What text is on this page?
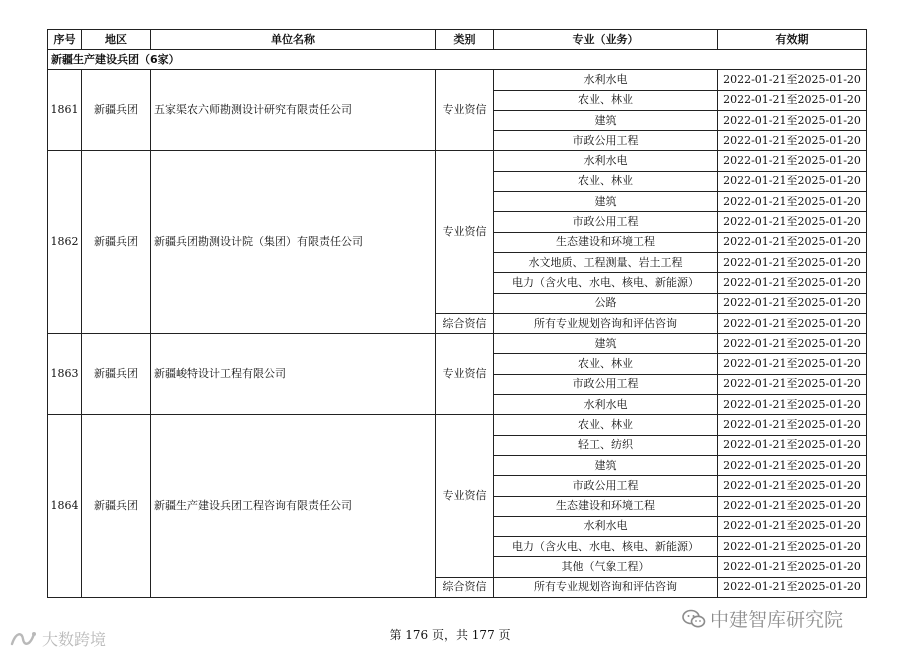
序号	地区	单位名称	类别	专业（业务）	有效期
新疆生产建设兵团（6家）					
1861	新疆兵团	五家渠农六师勘测设计研究有限责任公司	专业资信	水利水电	2022-01-21至2025-01-20
				农业、林业	2022-01-21至2025-01-20
				建筑	2022-01-21至2025-01-20
				市政公用工程	2022-01-21至2025-01-20
1862	新疆兵团	新疆兵团勘测设计院（集团）有限责任公司	专业资信	水利水电	2022-01-21至2025-01-20
				农业、林业	2022-01-21至2025-01-20
				建筑	2022-01-21至2025-01-20
				市政公用工程	2022-01-21至2025-01-20
				生态建设和环境工程	2022-01-21至2025-01-20
				水文地质、工程测量、岩土工程	2022-01-21至2025-01-20
				电力（含火电、水电、核电、新能源）	2022-01-21至2025-01-20
				公路	2022-01-21至2025-01-20
			综合资信	所有专业规划咨询和评估咨询	2022-01-21至2025-01-20
1863	新疆兵团	新疆峻特设计工程有限公司	专业资信	建筑	2022-01-21至2025-01-20
				农业、林业	2022-01-21至2025-01-20
				市政公用工程	2022-01-21至2025-01-20
				水利水电	2022-01-21至2025-01-20
1864	新疆兵团	新疆生产建设兵团工程咨询有限责任公司	专业资信	农业、林业	2022-01-21至2025-01-20
				轻工、纺织	2022-01-21至2025-01-20
				建筑	2022-01-21至2025-01-20
				市政公用工程	2022-01-21至2025-01-20
				生态建设和环境工程	2022-01-21至2025-01-20
				水利水电	2022-01-21至2025-01-20
				电力（含火电、水电、核电、新能源）	2022-01-21至2025-01-20
				其他（气象工程）	2022-01-21至2025-01-20
			综合资信	所有专业规划咨询和评估咨询	2022-01-21至2025-01-20
第 176 页，共 177 页
中建智库研究院
大数跨境
